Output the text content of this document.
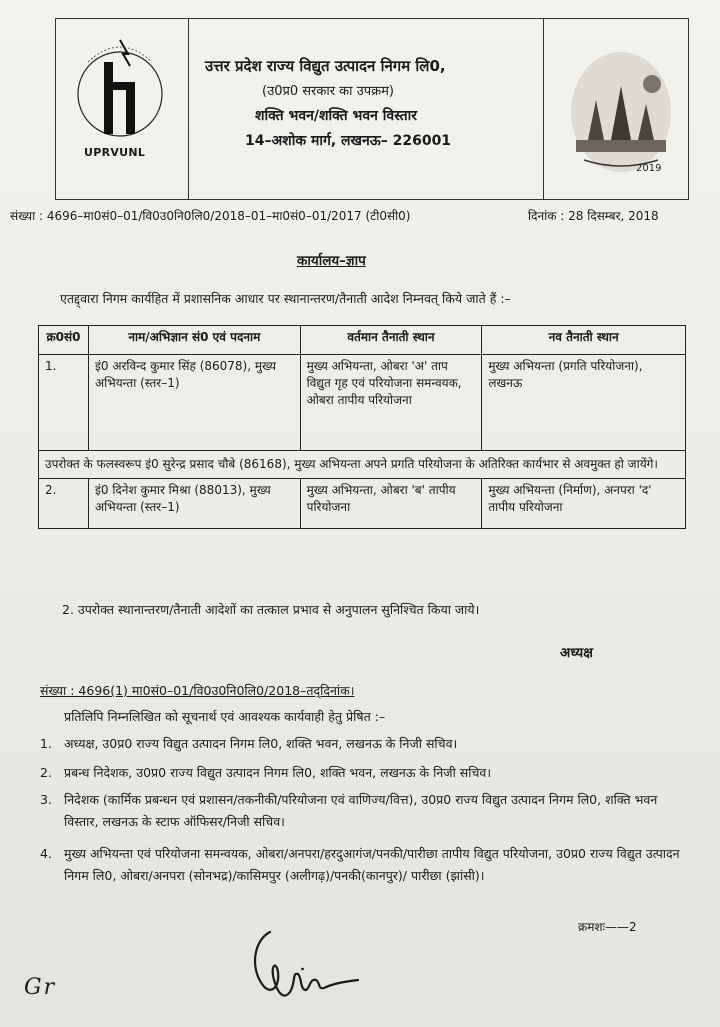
UPRVUNL
उत्तर प्रदेश राज्य विद्युत उत्पादन निगम लि0,
(उ0प्र0 सरकार का उपक्रम)
शक्ति भवन/शक्ति भवन विस्तार
14–अशोक मार्ग, लखनऊ– 226001
2019
संख्या : 4696–मा0सं0–01/वि0उ0नि0लि0/2018–01–मा0सं0–01/2017 (टी0सी0)	दिनांक : 28 दिसम्बर, 2018
कार्यालय–ज्ञाप
एतद्द्वारा निगम कार्यहित में प्रशासनिक आधार पर स्थानान्तरण/तैनाती आदेश निम्नवत् किये जाते हैं :–
क्र0सं0	नाम/अभिज्ञान सं0 एवं पदनाम	वर्तमान तैनाती स्थान	नव तैनाती स्थान
1.	इं0 अरविन्द कुमार सिंह (86078), मुख्य अभियन्ता (स्तर–1)	मुख्य अभियन्ता, ओबरा 'अ' ताप विद्युत गृह एवं परियोजना समन्वयक, ओबरा तापीय परियोजना	मुख्य अभियन्ता (प्रगति परियोजना), लखनऊ
उपरोक्त के फलस्वरूप इं0 सुरेन्द्र प्रसाद चौबे (86168), मुख्य अभियन्ता अपने प्रगति परियोजना के अतिरिक्त कार्यभार से अवमुक्त हो जायेंगे।			
2.	इं0 दिनेश कुमार मिश्रा (88013), मुख्य अभियन्ता (स्तर–1)	मुख्य अभियन्ता, ओबरा 'ब' तापीय परियोजना	मुख्य अभियन्ता (निर्माण), अनपरा 'द' तापीय परियोजना
2. उपरोक्त स्थानान्तरण/तैनाती आदेशों का तत्काल प्रभाव से अनुपालन सुनिश्चित किया जाये।
अध्यक्ष
संख्या : 4696(1) मा0सं0–01/वि0उ0नि0लि0/2018–तद्‌दिनांक।
प्रतिलिपि निम्नलिखित को सूचनार्थ एवं आवश्यक कार्यवाही हेतु प्रेषित :–
1. अध्यक्ष, उ0प्र0 राज्य विद्युत उत्पादन निगम लि0, शक्ति भवन, लखनऊ के निजी सचिव।
2. प्रबन्ध निदेशक, उ0प्र0 राज्य विद्युत उत्पादन निगम लि0, शक्ति भवन, लखनऊ के निजी सचिव।
3. निदेशक (कार्मिक प्रबन्धन एवं प्रशासन/तकनीकी/परियोजना एवं वाणिज्य/वित्त), उ0प्र0 राज्य विद्युत उत्पादन निगम लि0, शक्ति भवन विस्तार, लखनऊ के स्टाफ ऑफिसर/निजी सचिव।
4. मुख्य अभियन्ता एवं परियोजना समन्वयक, ओबरा/अनपरा/हरदुआगंज/पनकी/पारीछा तापीय विद्युत परियोजना, उ0प्र0 राज्य विद्युत उत्पादन निगम लि0, ओबरा/अनपरा (सोनभद्र)/कासिमपुर (अलीगढ़)/पनकी(कानपुर)/ पारीछा (झांसी)।
क्रमशः——2
Gr
